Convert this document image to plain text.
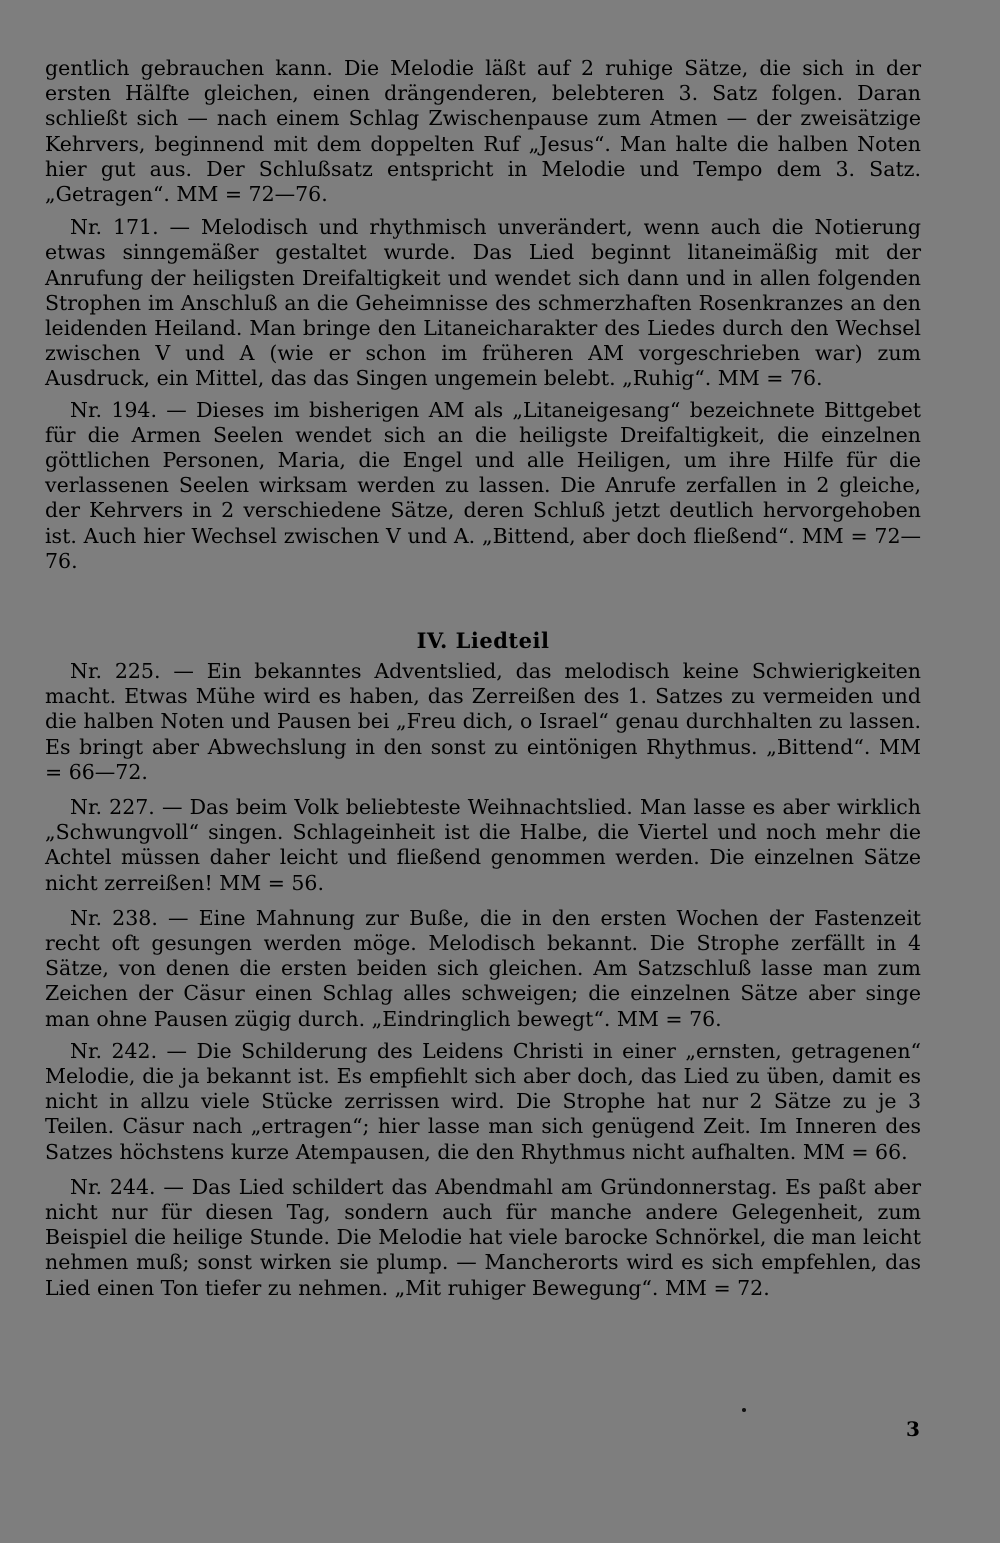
gentlich gebrauchen kann. Die Melodie läßt auf 2 ruhige Sätze, die sich in der ersten Hälfte gleichen, einen drängenderen, belebteren 3. Satz folgen. Daran schließt sich — nach einem Schlag Zwischenpause zum Atmen — der zweisätzige Kehrvers, beginnend mit dem doppelten Ruf „Jesus“. Man halte die halben Noten hier gut aus. Der Schlußsatz entspricht in Melodie und Tempo dem 3. Satz. „Getragen“. MM = 72—76.

Nr. 171. — Melodisch und rhythmisch unverändert, wenn auch die Notierung etwas sinngemäßer gestaltet wurde. Das Lied beginnt litaneimäßig mit der Anrufung der heiligsten Dreifaltigkeit und wendet sich dann und in allen folgenden Strophen im Anschluß an die Geheimnisse des schmerzhaften Rosenkranzes an den leidenden Heiland. Man bringe den Litaneicharakter des Liedes durch den Wechsel zwischen V und A (wie er schon im früheren AM vorgeschrieben war) zum Ausdruck, ein Mittel, das das Singen ungemein belebt. „Ruhig“. MM = 76.

Nr. 194. — Dieses im bisherigen AM als „Litaneigesang“ bezeichnete Bittgebet für die Armen Seelen wendet sich an die heiligste Dreifaltigkeit, die einzelnen göttlichen Personen, Maria, die Engel und alle Heiligen, um ihre Hilfe für die verlassenen Seelen wirksam werden zu lassen. Die Anrufe zerfallen in 2 gleiche, der Kehrvers in 2 verschiedene Sätze, deren Schluß jetzt deutlich hervorgehoben ist. Auch hier Wechsel zwischen V und A. „Bittend, aber doch fließend“. MM = 72—76.

IV. Liedteil

Nr. 225. — Ein bekanntes Adventslied, das melodisch keine Schwierigkeiten macht. Etwas Mühe wird es haben, das Zerreißen des 1. Satzes zu vermeiden und die halben Noten und Pausen bei „Freu dich, o Israel“ genau durchhalten zu lassen. Es bringt aber Abwechslung in den sonst zu eintönigen Rhythmus. „Bittend“. MM = 66—72.

Nr. 227. — Das beim Volk beliebteste Weihnachtslied. Man lasse es aber wirklich „Schwungvoll“ singen. Schlageinheit ist die Halbe, die Viertel und noch mehr die Achtel müssen daher leicht und fließend genommen werden. Die einzelnen Sätze nicht zerreißen! MM = 56.

Nr. 238. — Eine Mahnung zur Buße, die in den ersten Wochen der Fastenzeit recht oft gesungen werden möge. Melodisch bekannt. Die Strophe zerfällt in 4 Sätze, von denen die ersten beiden sich gleichen. Am Satzschluß lasse man zum Zeichen der Cäsur einen Schlag alles schweigen; die einzelnen Sätze aber singe man ohne Pausen zügig durch. „Eindringlich bewegt“. MM = 76.

Nr. 242. — Die Schilderung des Leidens Christi in einer „ernsten, getragenen“ Melodie, die ja bekannt ist. Es empfiehlt sich aber doch, das Lied zu üben, damit es nicht in allzu viele Stücke zerrissen wird. Die Strophe hat nur 2 Sätze zu je 3 Teilen. Cäsur nach „ertragen“; hier lasse man sich genügend Zeit. Im Inneren des Satzes höchstens kurze Atempausen, die den Rhythmus nicht aufhalten. MM = 66.

Nr. 244. — Das Lied schildert das Abendmahl am Gründonnerstag. Es paßt aber nicht nur für diesen Tag, sondern auch für manche andere Gelegenheit, zum Beispiel die heilige Stunde. Die Melodie hat viele barocke Schnörkel, die man leicht nehmen muß; sonst wirken sie plump. — Mancherorts wird es sich empfehlen, das Lied einen Ton tiefer zu nehmen. „Mit ruhiger Bewegung“. MM = 72.

3
